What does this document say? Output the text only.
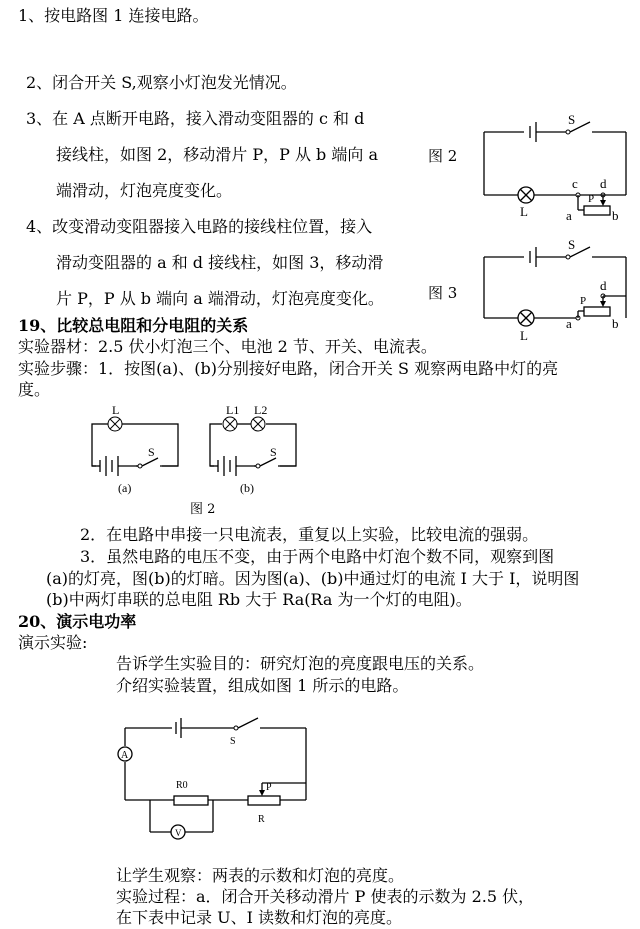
1、按电路图 1 连接电路。
2、闭合开关 S,观察小灯泡发光情况。
3、在 A 点断开电路，接入滑动变阻器的 c 和 d
接线柱，如图 2，移动滑片 P，P 从 b 端向 a
端滑动，灯泡亮度变化。
4、改变滑动变阻器接入电路的接线柱位置，接入
滑动变阻器的 a 和 d 接线柱，如图 3，移动滑
片 P，P 从 b 端向 a 端滑动，灯泡亮度变化。
图 2
图 3
S
c d
P
L	a	b
S
d
P
L
a	b
19、比较总电阻和分电阻的关系
实验器材：2.5 伏小灯泡三个、电池 2 节、开关、电流表。
实验步骤：1．按图(a)、(b)分别接好电路，闭合开关 S 观察两电路中灯的亮
度。
L
S
(a)
L1 L2
S
(b)
图 2
2．在电路中串接一只电流表，重复以上实验，比较电流的强弱。
3．虽然电路的电压不变，由于两个电路中灯泡个数不同，观察到图
(a)的灯亮，图(b)的灯暗。因为图(a)、(b)中通过灯的电流 I 大于 I，说明图
(b)中两灯串联的总电阻 Rb 大于 Ra(Ra 为一个灯的电阻)。
20、演示电功率
演示实验:
告诉学生实验目的：研究灯泡的亮度跟电压的关系。
介绍实验装置，组成如图 1 所示的电路。
A
S
R0	P
R
V
让学生观察：两表的示数和灯泡的亮度。
实验过程：a．闭合开关移动滑片 P 使表的示数为 2.5 伏，
在下表中记录 U、I 读数和灯泡的亮度。
